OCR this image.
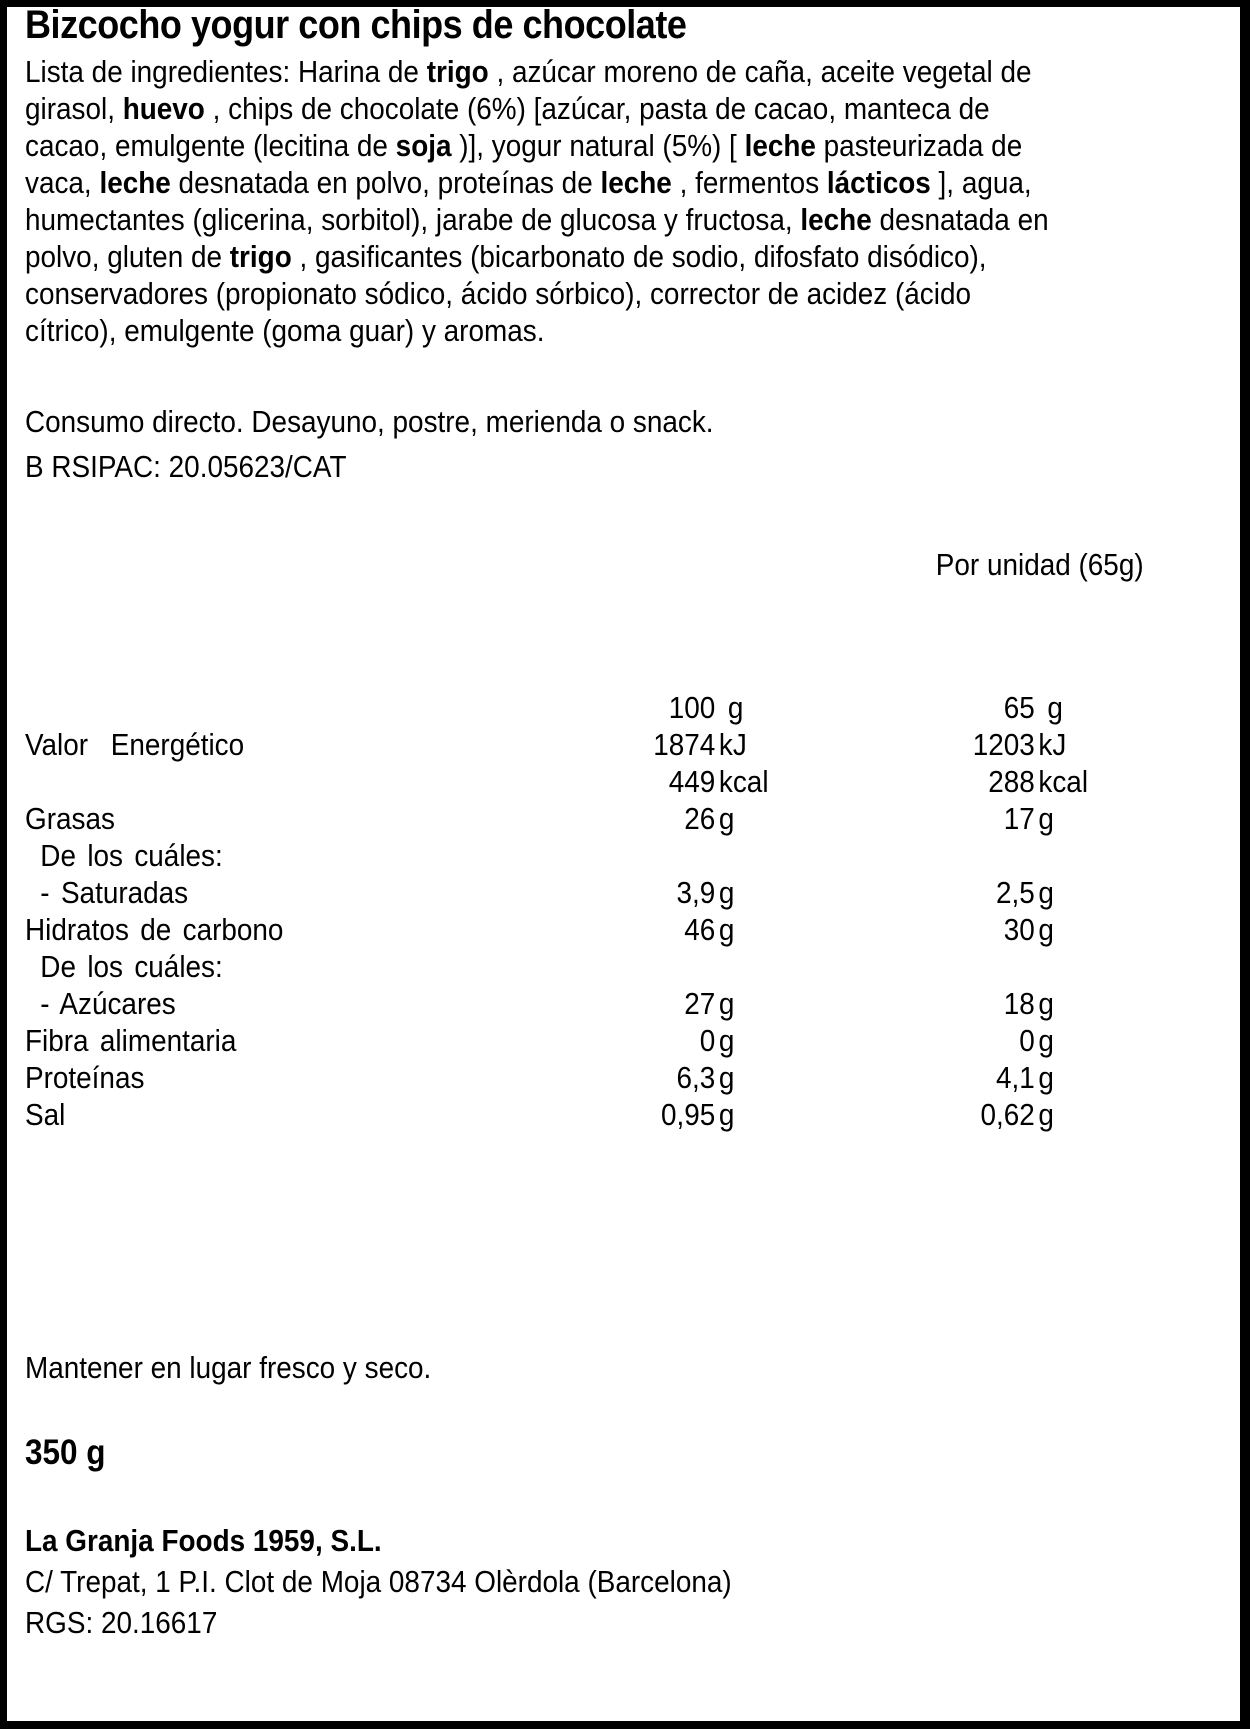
Bizcocho yogur con chips de chocolate
Lista de ingredientes: Harina de trigo , azúcar moreno de caña, aceite vegetal de
girasol, huevo , chips de chocolate (6%) [azúcar, pasta de cacao, manteca de
cacao, emulgente (lecitina de soja )], yogur natural (5%) [ leche pasteurizada de
vaca, leche desnatada en polvo, proteínas de leche , fermentos lácticos ], agua,
humectantes (glicerina, sorbitol), jarabe de glucosa y fructosa, leche desnatada en
polvo, gluten de trigo , gasificantes (bicarbonato de sodio, difosfato disódico),
conservadores (propionato sódico, ácido sórbico), corrector de acidez (ácido
cítrico), emulgente (goma guar) y aromas.
Consumo directo. Desayuno, postre, merienda o snack.
B RSIPAC: 20.05623/CAT
Por unidad (65g)
100 g	65 g
Valor  Energético	1874 kJ	1203 kJ
449 kcal	288 kcal
Grasas	26 g	17 g
De los cuáles:
- Saturadas	3,9 g	2,5 g
Hidratos de carbono	46 g	30 g
De los cuáles:
- Azúcares	27 g	18 g
Fibra alimentaria	0 g	0 g
Proteínas	6,3 g	4,1 g
Sal	0,95 g	0,62 g
Mantener en lugar fresco y seco.
350 g
La Granja Foods 1959, S.L.
C/ Trepat, 1 P.I. Clot de Moja 08734 Olèrdola (Barcelona)
RGS: 20.16617
